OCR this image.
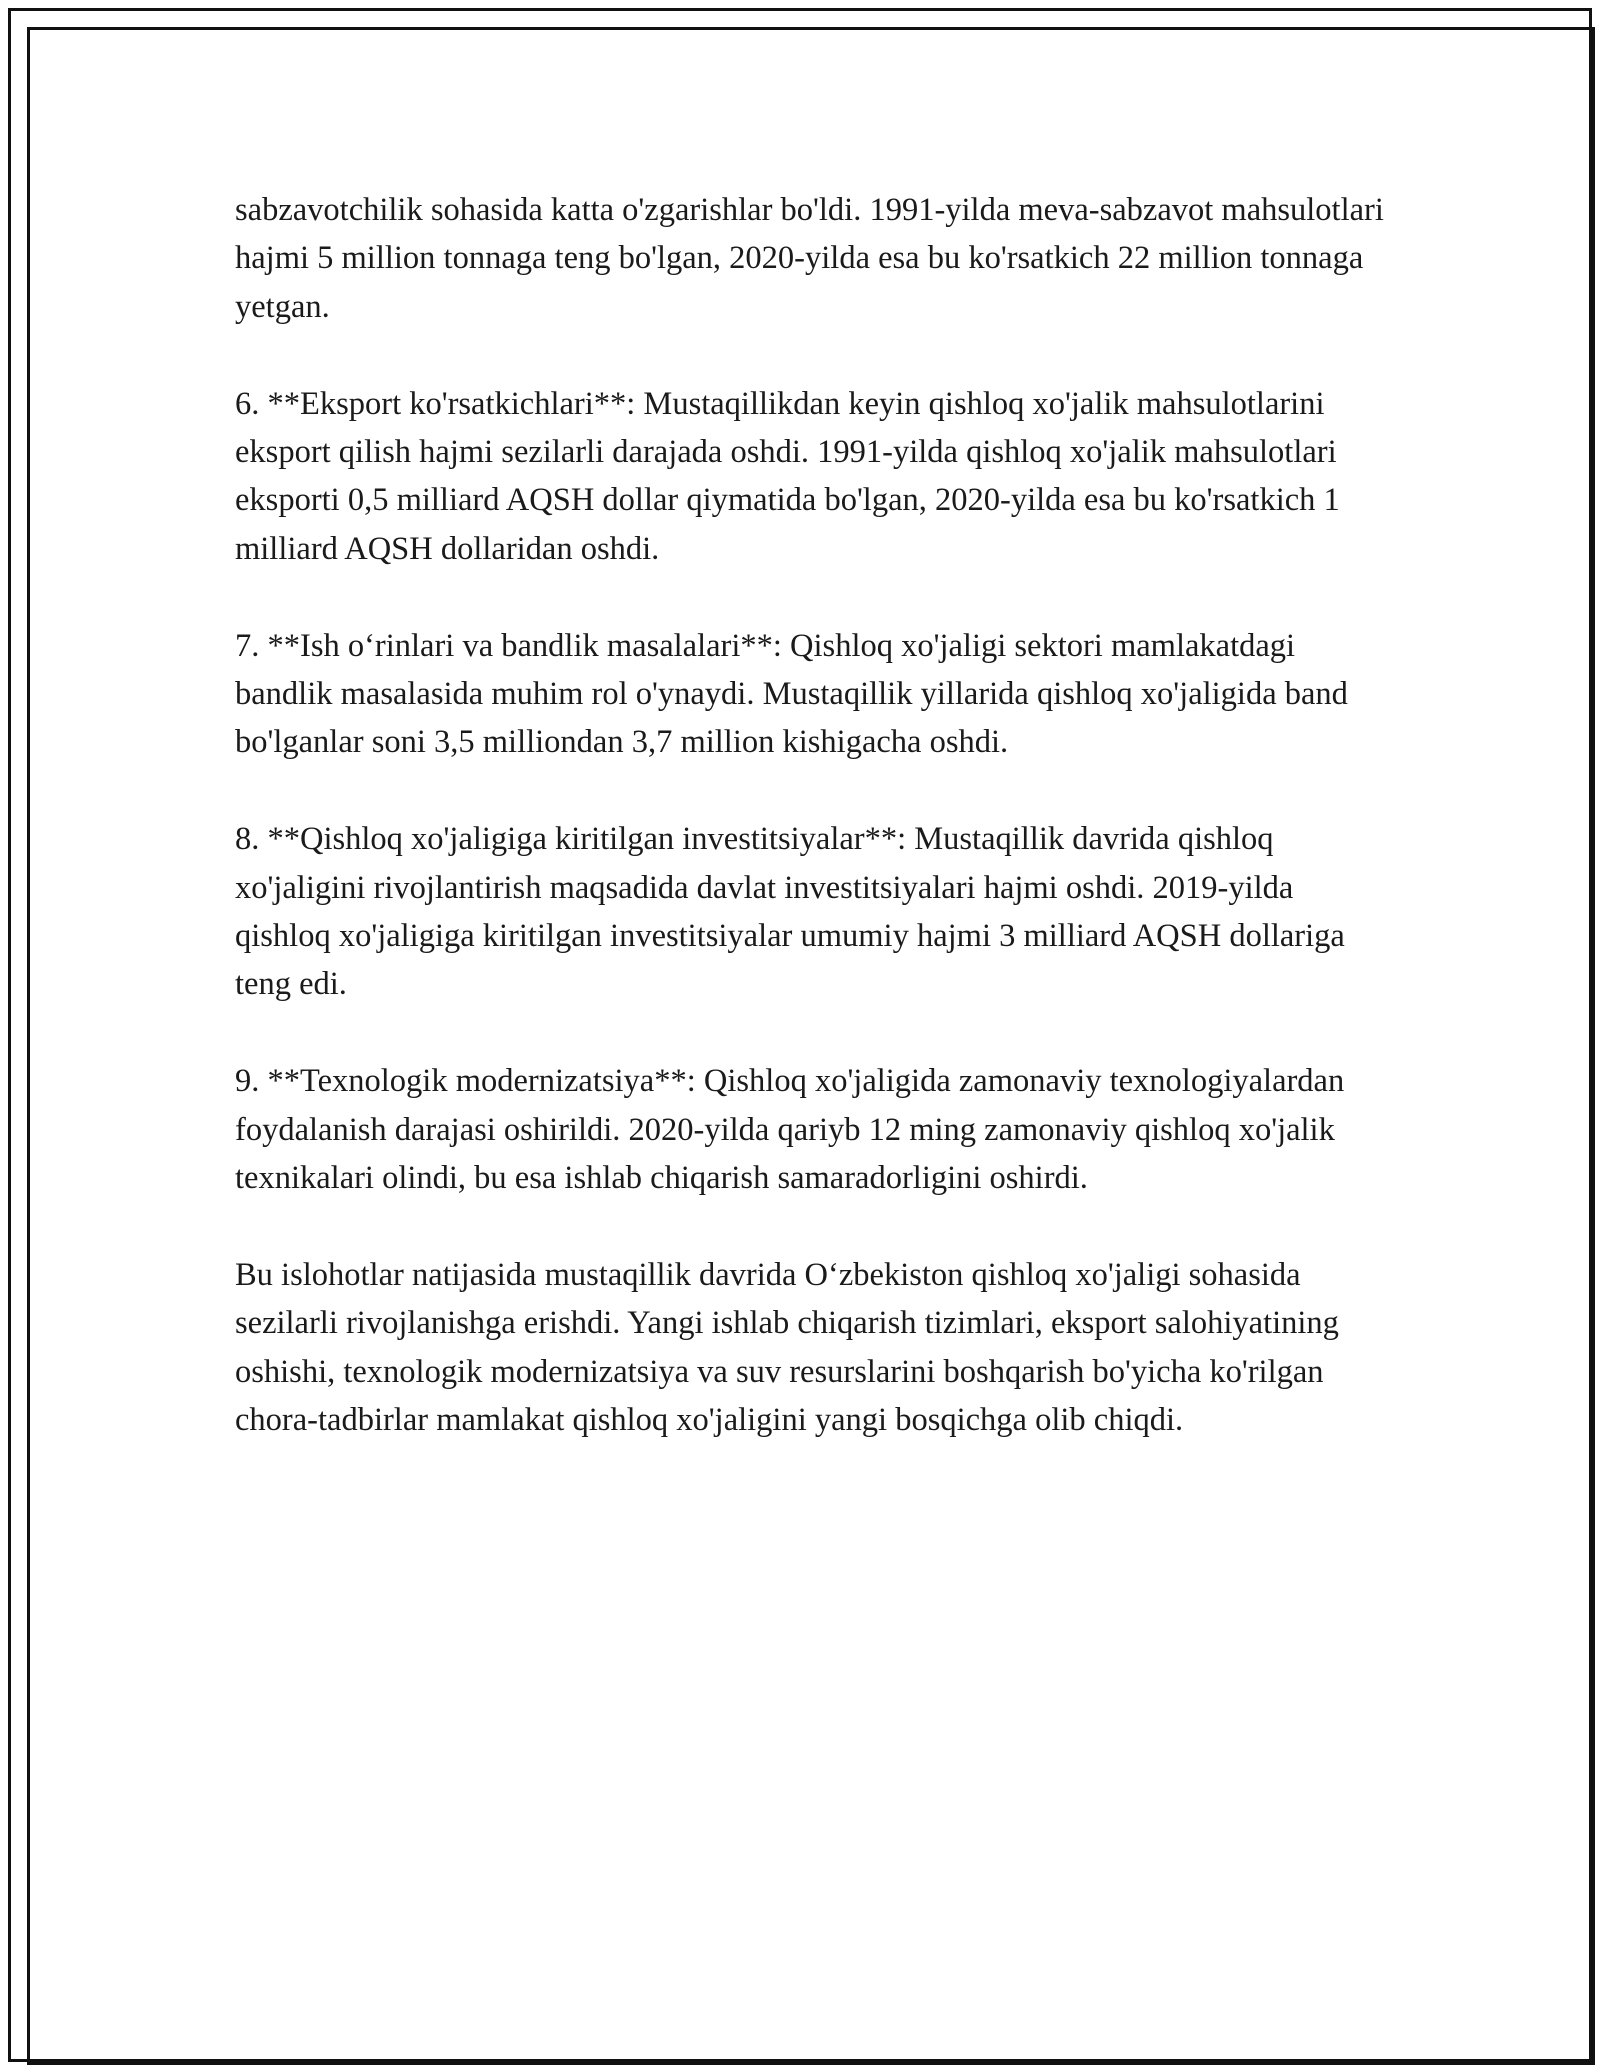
sabzavotchilik sohasida katta o'zgarishlar bo'ldi. 1991-yilda meva-sabzavot mahsulotlari hajmi 5 million tonnaga teng bo'lgan, 2020-yilda esa bu ko'rsatkich 22 million tonnaga yetgan.

6. **Eksport ko'rsatkichlari**: Mustaqillikdan keyin qishloq xo'jalik mahsulotlarini eksport qilish hajmi sezilarli darajada oshdi. 1991-yilda qishloq xo'jalik mahsulotlari eksporti 0,5 milliard AQSH dollar qiymatida bo'lgan, 2020-yilda esa bu ko'rsatkich 1 milliard AQSH dollaridan oshdi.

7. **Ish o‘rinlari va bandlik masalalari**: Qishloq xo'jaligi sektori mamlakatdagi bandlik masalasida muhim rol o'ynaydi. Mustaqillik yillarida qishloq xo'jaligida band bo'lganlar soni 3,5 milliondan 3,7 million kishigacha oshdi.

8. **Qishloq xo'jaligiga kiritilgan investitsiyalar**: Mustaqillik davrida qishloq xo'jaligini rivojlantirish maqsadida davlat investitsiyalari hajmi oshdi. 2019-yilda qishloq xo'jaligiga kiritilgan investitsiyalar umumiy hajmi 3 milliard AQSH dollariga teng edi.

9. **Texnologik modernizatsiya**: Qishloq xo'jaligida zamonaviy texnologiyalardan foydalanish darajasi oshirildi. 2020-yilda qariyb 12 ming zamonaviy qishloq xo'jalik texnikalari olindi, bu esa ishlab chiqarish samaradorligini oshirdi.

Bu islohotlar natijasida mustaqillik davrida O‘zbekiston qishloq xo'jaligi sohasida sezilarli rivojlanishga erishdi. Yangi ishlab chiqarish tizimlari, eksport salohiyatining oshishi, texnologik modernizatsiya va suv resurslarini boshqarish bo'yicha ko'rilgan chora-tadbirlar mamlakat qishloq xo'jaligini yangi bosqichga olib chiqdi.
